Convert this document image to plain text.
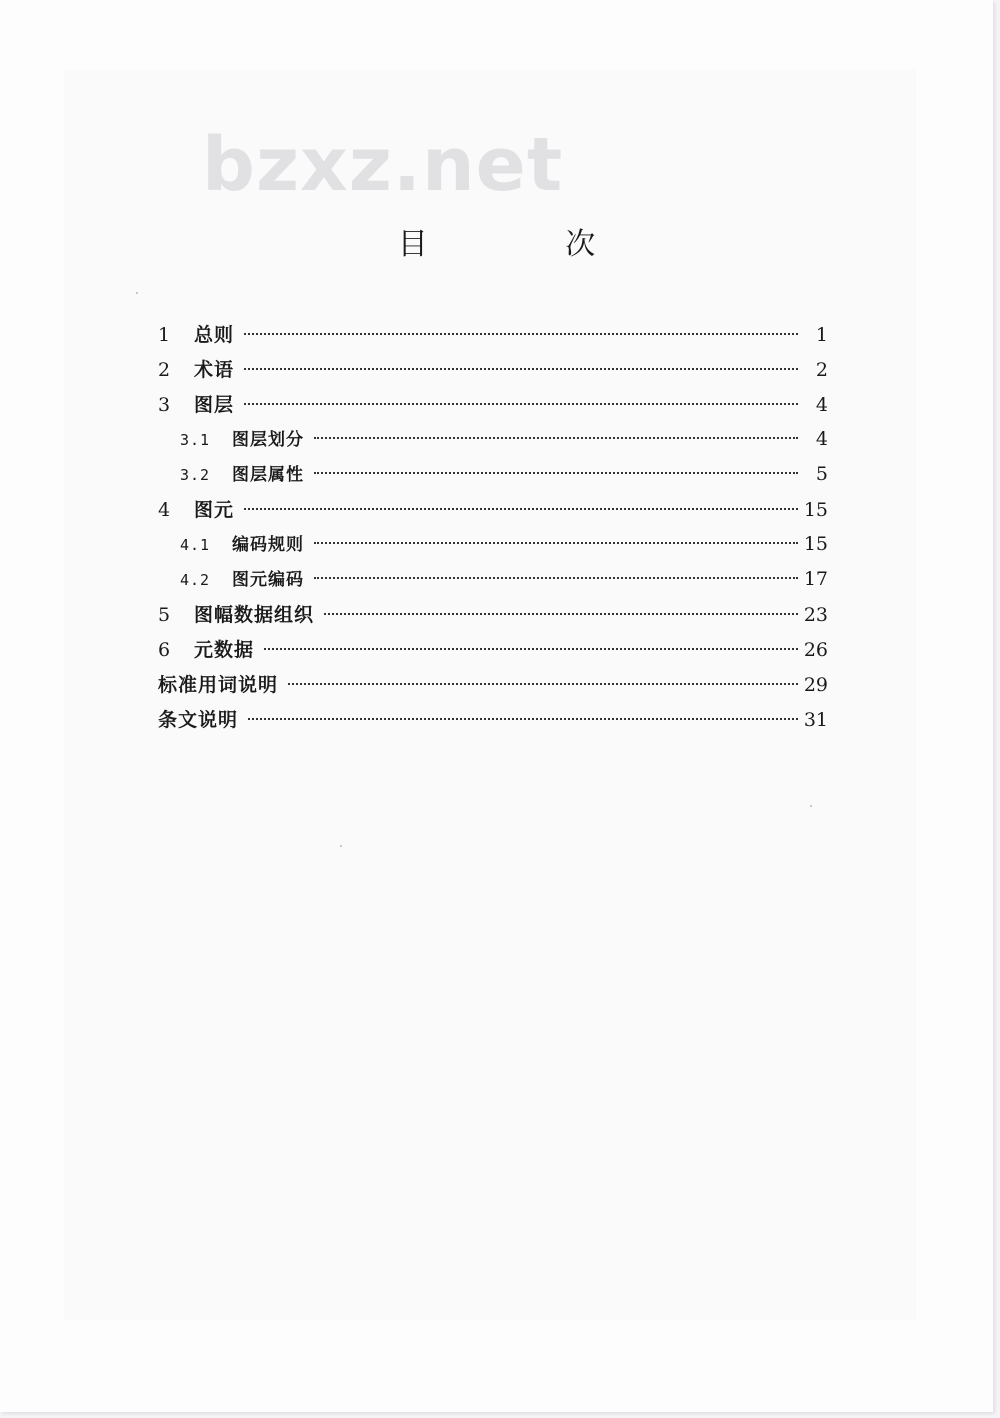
bzxz.net
目 次
1	总则	1
2	术语	2
3	图层	4
3.1	图层划分	4
3.2	图层属性	5
4	图元	15
4.1	编码规则	15
4.2	图元编码	17
5	图幅数据组织	23
6	元数据	26
标准用词说明	29
条文说明	31
